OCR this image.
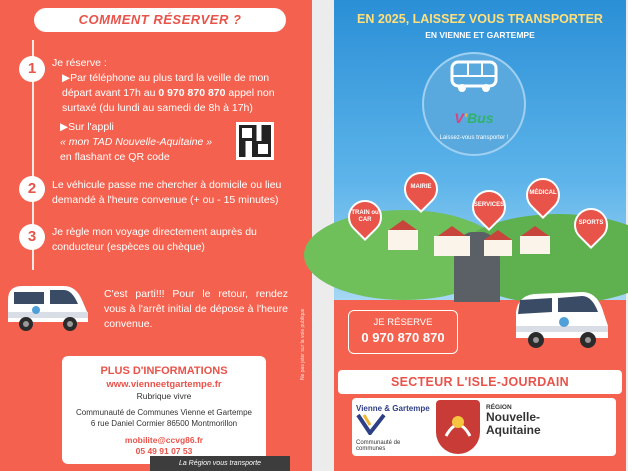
COMMENT RÉSERVER ?
1	Je réserve :
▶Par téléphone au plus tard la veille de mon départ avant 17h au 0 970 870 870 appel non surtaxé (du lundi au samedi de 8h à 17h)
▶Sur l'appli
« mon TAD Nouvelle-Aquitaine »
en flashant ce QR code
2	Le véhicule passe me chercher à domicile ou lieu demandé à l'heure convenue (+ ou - 15 minutes)
3	Je règle mon voyage directement auprès du conducteur (espèces ou chèque)
C'est parti!!! Pour le retour, rendez vous à l'arrêt initial de dépose à l'heure convenue.
PLUS D'INFORMATIONS
www.vienneetgartempe.fr
Rubrique vivre
Communauté de Communes Vienne et Gartempe
6 rue Daniel Cormier 86500 Montmorillon
mobilite@ccvg86.fr
05 49 91 07 53
Ne pas jeter sur la voie publique
EN 2025, LAISSEZ VOUS TRANSPORTER
EN VIENNE ET GARTEMPE
V'Bus
Laissez-vous transporter !
TRAIN ou CAR
MAIRIE
SERVICES
MÉDICAL
SPORTS
JE RÉSERVE
0 970 870 870
SECTEUR L'ISLE-JOURDAIN
Vienne & Gartempe
Communauté de communes
RÉGION
Nouvelle-
Aquitaine
La Région vous transporte
